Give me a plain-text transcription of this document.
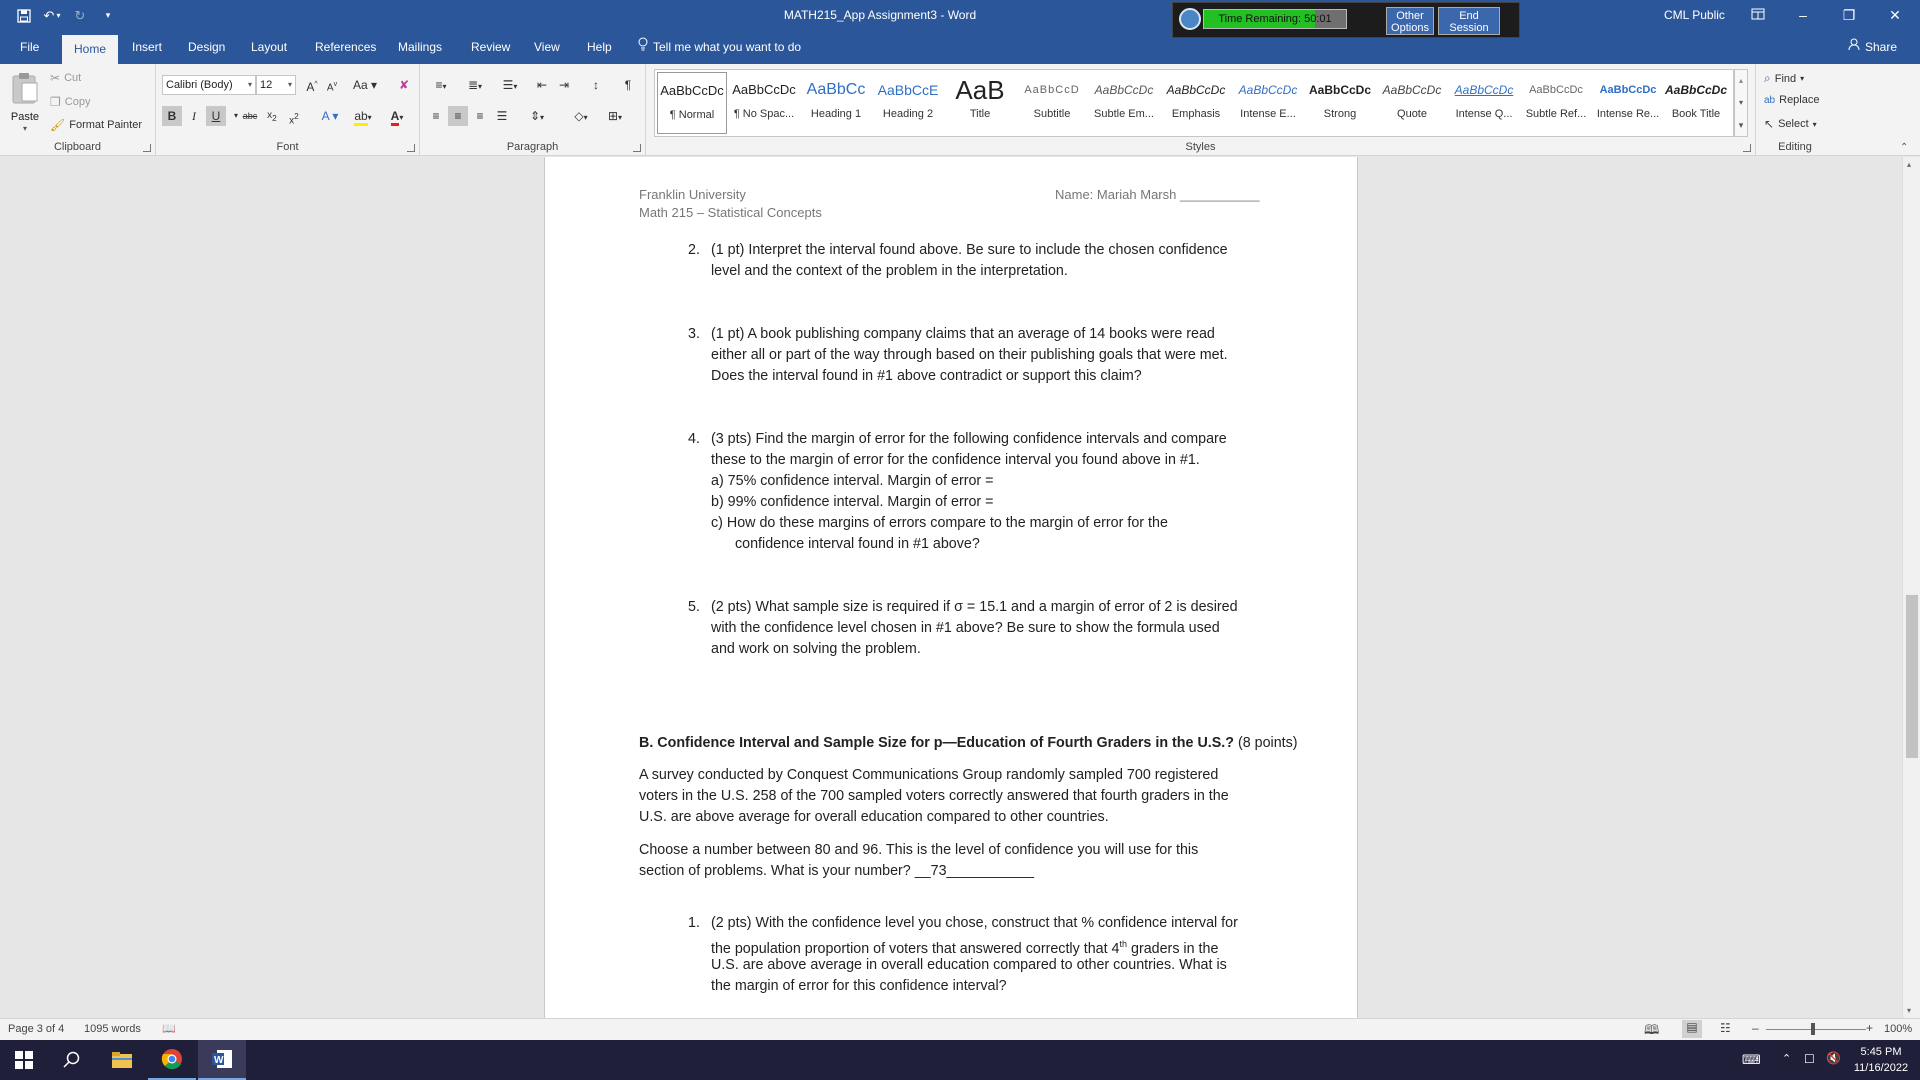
↶ ▾	↻	▾	MATH215_App Assignment3 - Word	Time Remaining: 50:01	Other Options
End Session
CML Public	–	❐	✕
File	Home	Insert	Design	Layout	References	Mailings	Review	View	Help	Tell me what you want to do	Share
Paste
▾
✂ Cut
❐ Copy
🖌 Format Painter
Clipboard
Calibri (Body) ▾ 12 ▾	A^ $A^v$	Aa ▾	✘
B	I	U	▾ abc $x_2$	$x^2$	A ▾	ab▾	A▾
Font
≡▾	≣▾	☰▾	⇤ ⇥	↕	¶
≡	≡	≡	☰	⇕▾	◇▾	⊞▾
Paragraph
AaBbCcDc
¶ Normal
AaBbCcDc
¶ No Spac...
AaBbCc
Heading 1
AaBbCcE
Heading 2
AaB
Title
AaBbCcD
Subtitle
AaBbCcDc
Subtle Em...
AaBbCcDc
Emphasis
AaBbCcDc
Intense E...
AaBbCcDc
Strong
AaBbCcDc
Quote
AaBbCcDc
Intense Q...
AaBbCcDc
Subtle Ref...
AaBbCcDc
Intense Re...
AaBbCcDc
Book Title
▴
▾
▾
Styles
⌕ Find ▾
ab Replace
↖ Select ▾
Editing	⌃
Franklin University
Math 215 – Statistical Concepts
Name: Mariah Marsh ___________
2. (1 pt) Interpret the interval found above. Be sure to include the chosen confidence
level and the context of the problem in the interpretation.
3. (1 pt) A book publishing company claims that an average of 14 books were read
either all or part of the way through based on their publishing goals that were met.
Does the interval found in #1 above contradict or support this claim?
4. (3 pts) Find the margin of error for the following confidence intervals and compare
these to the margin of error for the confidence interval you found above in #1.
a) 75% confidence interval. Margin of error =
b) 99% confidence interval. Margin of error =
c) How do these margins of errors compare to the margin of error for the
confidence interval found in #1 above?
5. (2 pts) What sample size is required if σ = 15.1 and a margin of error of 2 is desired
with the confidence level chosen in #1 above? Be sure to show the formula used
and work on solving the problem.
B. Confidence Interval and Sample Size for p—Education of Fourth Graders in the U.S.? (8 points)
A survey conducted by Conquest Communications Group randomly sampled 700 registered
voters in the U.S. 258 of the 700 sampled voters correctly answered that fourth graders in the
U.S. are above average for overall education compared to other countries.
Choose a number between 80 and 96. This is the level of confidence you will use for this
section of problems. What is your number? __73___________
1. (2 pts) With the confidence level you chose, construct that % confidence interval for
the population proportion of voters that answered correctly that 4th graders in the
U.S. are above average in overall education compared to other countries. What is
the margin of error for this confidence interval?
▴
▾
Page 3 of 4 1095 words 📖	🕮	▤	☷ –	+ 100%
W	⌨ ⌃ ☐ 🔇	5:45 PM
11/16/2022
